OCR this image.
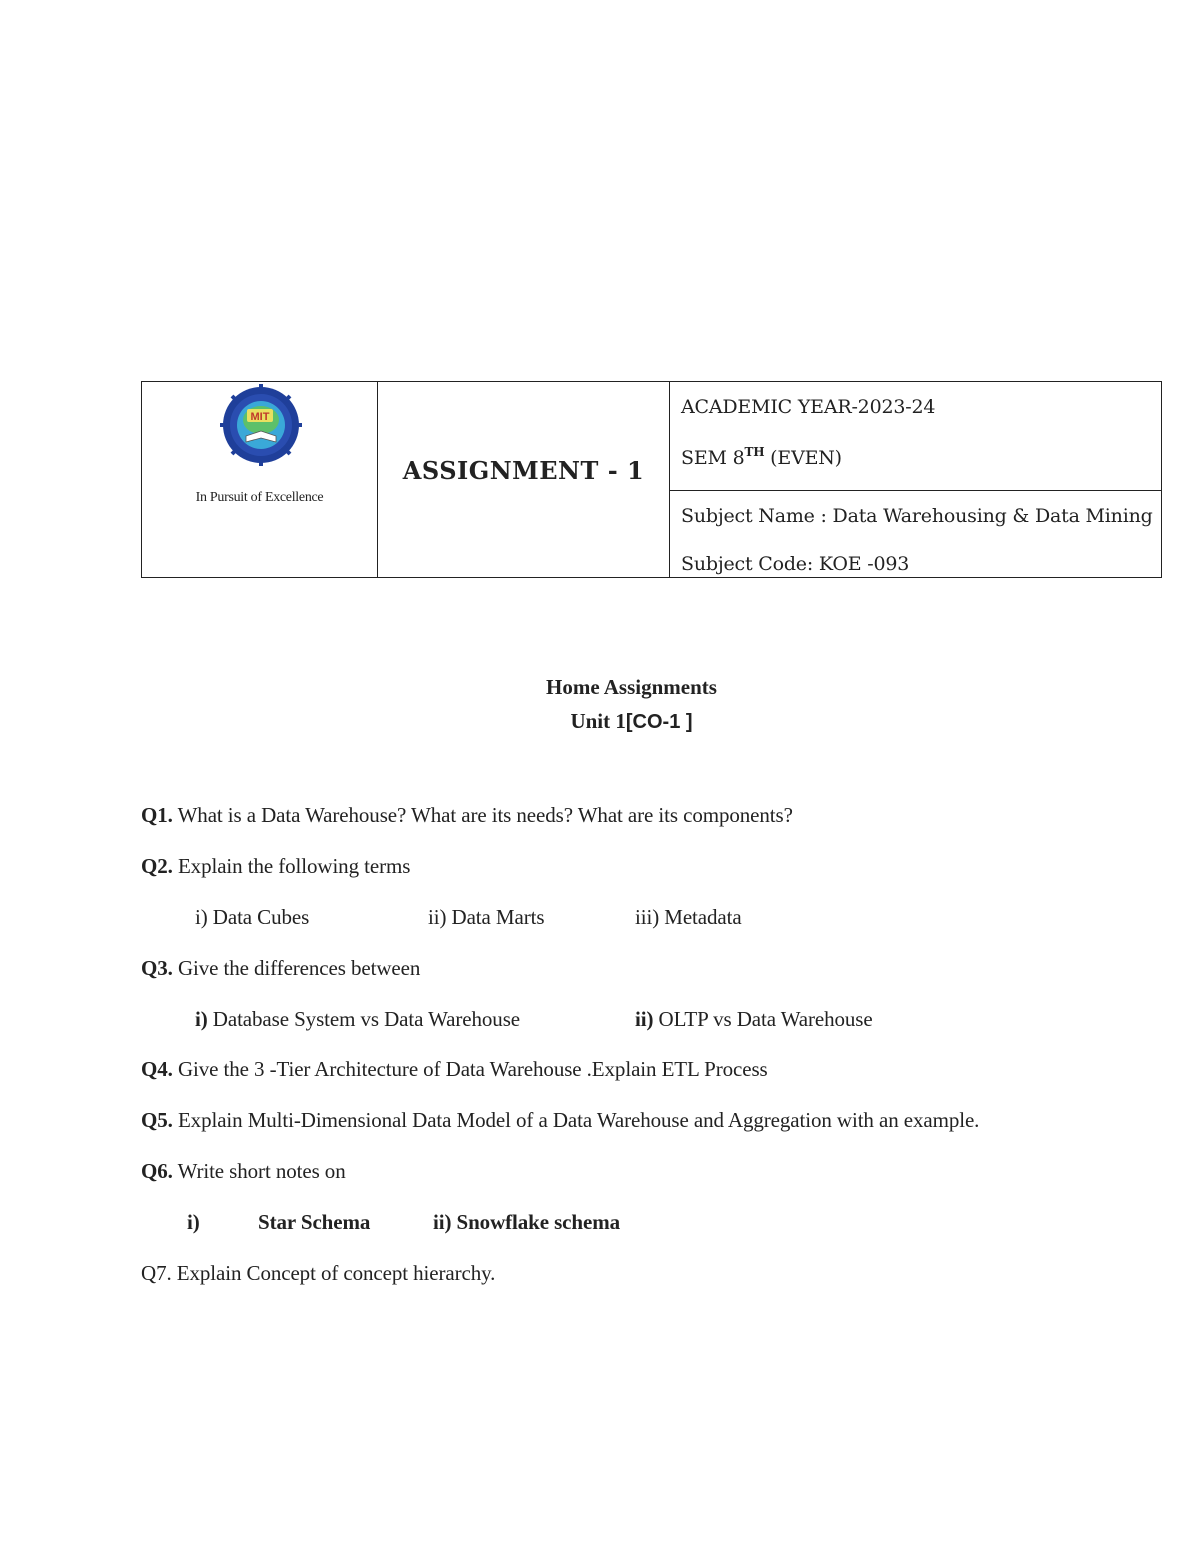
MIT
In Pursuit of Excellence
ASSIGNMENT - 1
ACADEMIC YEAR-2023-24
SEM 8TH (EVEN)
Subject Name : Data Warehousing & Data Mining
Subject Code: KOE -093
Home Assignments
Unit 1[CO-1 ]
Q1. What is a Data Warehouse? What are its needs? What are its components?
Q2. Explain the following terms
i) Data Cubes	ii) Data Marts	iii) Metadata
Q3. Give the differences between
i) Database System vs Data Warehouse	ii) OLTP vs Data Warehouse
Q4. Give the 3 -Tier Architecture of Data Warehouse .Explain ETL Process
Q5. Explain Multi-Dimensional Data Model of a Data Warehouse and Aggregation with an example.
Q6. Write short notes on
i)	Star Schema	ii) Snowflake schema
Q7. Explain Concept of concept hierarchy.
